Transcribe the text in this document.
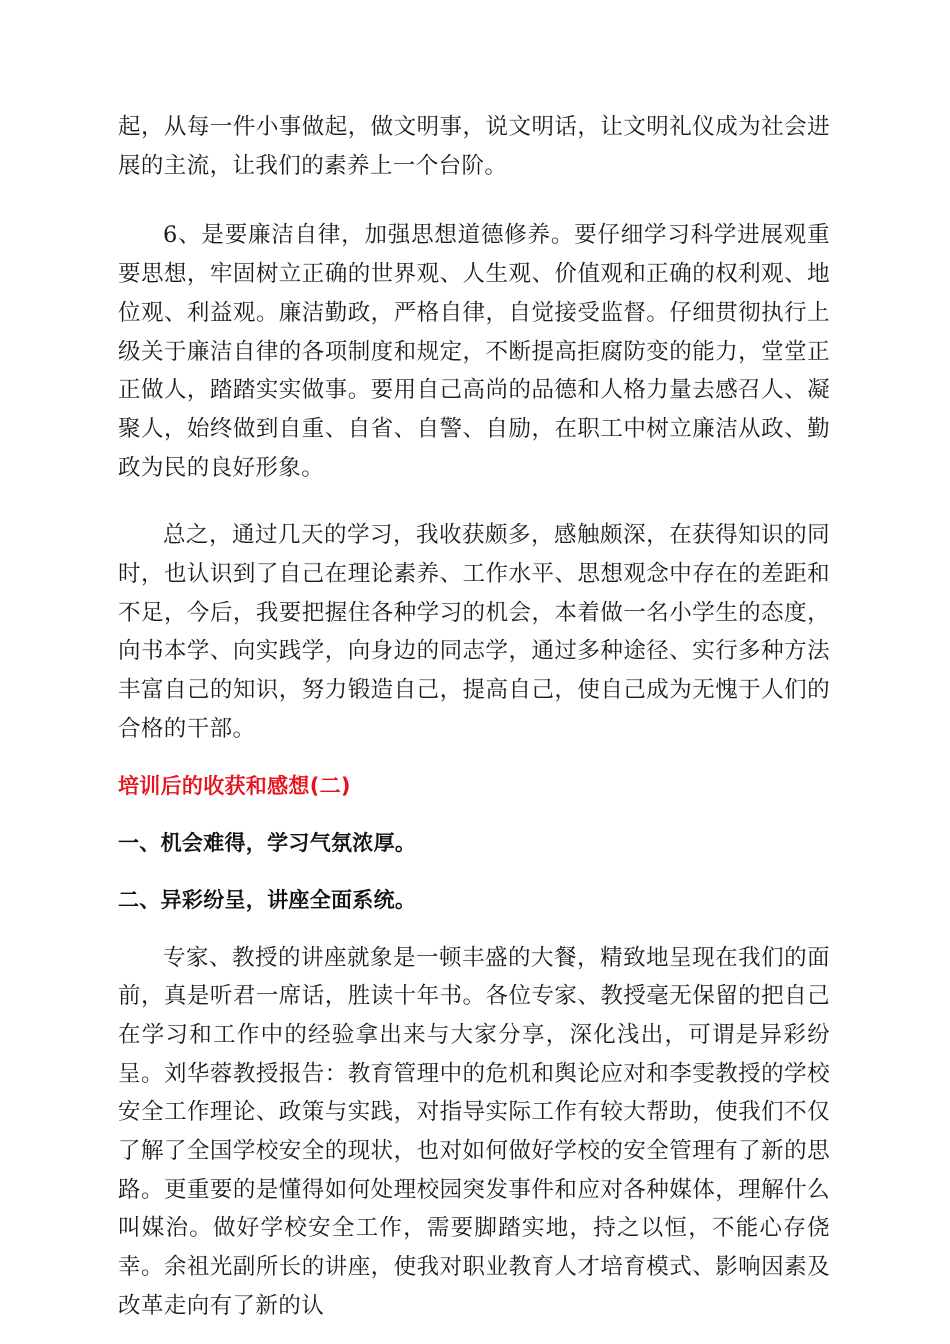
起，从每一件小事做起，做文明事，说文明话，让文明礼仪成为社会进展的主流，让我们的素养上一个台阶。

6、是要廉洁自律，加强思想道德修养。要仔细学习科学进展观重要思想，牢固树立正确的世界观、人生观、价值观和正确的权利观、地位观、利益观。廉洁勤政，严格自律，自觉接受监督。仔细贯彻执行上级关于廉洁自律的各项制度和规定，不断提高拒腐防变的能力，堂堂正正做人，踏踏实实做事。要用自己高尚的品德和人格力量去感召人、凝聚人，始终做到自重、自省、自警、自励，在职工中树立廉洁从政、勤政为民的良好形象。

总之，通过几天的学习，我收获颇多，感触颇深，在获得知识的同时，也认识到了自己在理论素养、工作水平、思想观念中存在的差距和不足，今后，我要把握住各种学习的机会，本着做一名小学生的态度，向书本学、向实践学，向身边的同志学，通过多种途径、实行多种方法丰富自己的知识，努力锻造自己，提高自己，使自己成为无愧于人们的合格的干部。

培训后的收获和感想(二)
一、机会难得，学习气氛浓厚。
二、异彩纷呈，讲座全面系统。

专家、教授的讲座就象是一顿丰盛的大餐，精致地呈现在我们的面前，真是听君一席话，胜读十年书。各位专家、教授毫无保留的把自己在学习和工作中的经验拿出来与大家分享，深化浅出，可谓是异彩纷呈。刘华蓉教授报告：教育管理中的危机和舆论应对和李雯教授的学校安全工作理论、政策与实践，对指导实际工作有较大帮助，使我们不仅了解了全国学校安全的现状，也对如何做好学校的安全管理有了新的思路。更重要的是懂得如何处理校园突发事件和应对各种媒体，理解什么叫媒治。做好学校安全工作，需要脚踏实地，持之以恒，不能心存侥幸。余祖光副所长的讲座，使我对职业教育人才培育模式、影响因素及改革走向有了新的认
